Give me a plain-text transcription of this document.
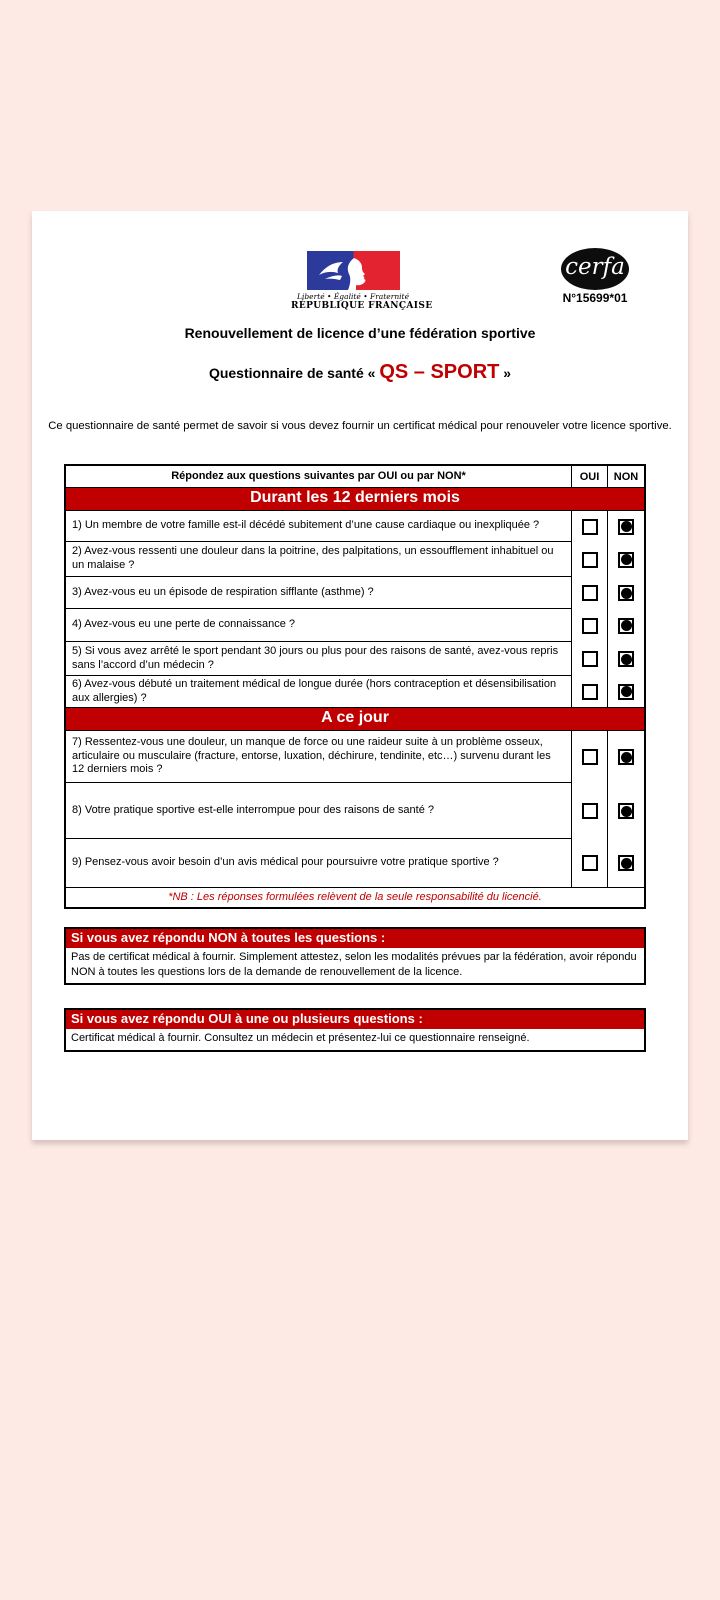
Liberté • Égalité • Fraternité
RÉPUBLIQUE FRANÇAISE
cerfa
N°15699*01
Renouvellement de licence d’une fédération sportive
Questionnaire de santé « QS – SPORT »
Ce questionnaire de santé permet de savoir si vous devez fournir un certificat médical pour renouveler votre licence sportive.
Répondez aux questions suivantes par OUI ou par NON*	OUI	NON
Durant les 12 derniers mois
1) Un membre de votre famille est-il décédé subitement d’une cause cardiaque ou inexpliquée ?
2) Avez-vous ressenti une douleur dans la poitrine, des palpitations, un essoufflement inhabituel ou un malaise ?
3) Avez-vous eu un épisode de respiration sifflante (asthme) ?
4) Avez-vous eu une perte de connaissance ?
5) Si vous avez arrêté le sport pendant 30 jours ou plus pour des raisons de santé, avez-vous repris sans l’accord d’un médecin ?
6) Avez-vous débuté un traitement médical de longue durée (hors contraception et désensibilisation aux allergies) ?
A ce jour
7) Ressentez-vous une douleur, un manque de force ou une raideur suite à un problème osseux, articulaire ou musculaire (fracture, entorse, luxation, déchirure, tendinite, etc…) survenu durant les 12 derniers mois ?
8) Votre pratique sportive est-elle interrompue pour des raisons de santé ?
9) Pensez-vous avoir besoin d’un avis médical pour poursuivre votre pratique sportive ?
*NB : Les réponses formulées relèvent de la seule responsabilité du licencié.
Si vous avez répondu NON à toutes les questions :
Pas de certificat médical à fournir. Simplement attestez, selon les modalités prévues par la fédération, avoir répondu NON à toutes les questions lors de la demande de renouvellement de la licence.
Si vous avez répondu OUI à une ou plusieurs questions :
Certificat médical à fournir. Consultez un médecin et présentez-lui ce questionnaire renseigné.
